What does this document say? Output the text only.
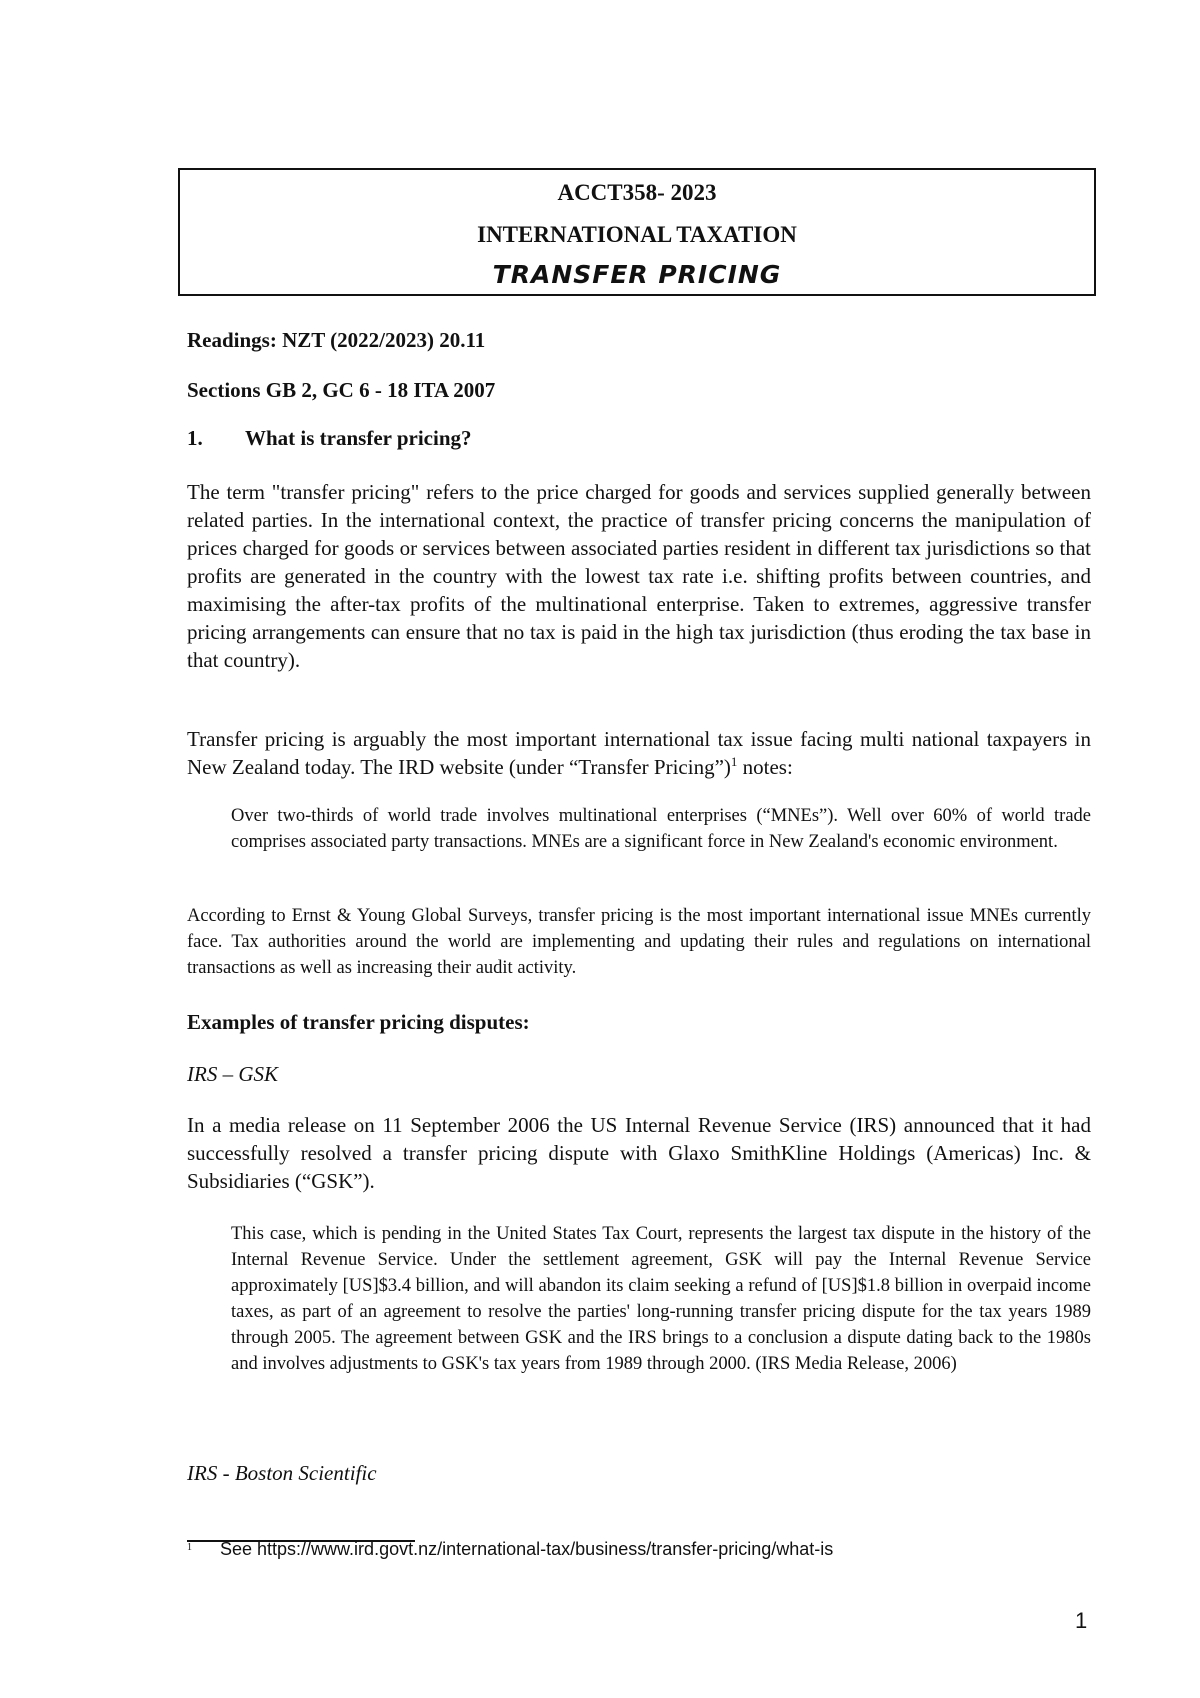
ACCT358- 2023
INTERNATIONAL TAXATION
TRANSFER PRICING
Readings: NZT (2022/2023) 20.11
Sections GB 2, GC 6 - 18 ITA 2007
1. What is transfer pricing?
The term "transfer pricing" refers to the price charged for goods and services supplied generally between related parties. In the international context, the practice of transfer pricing concerns the manipulation of prices charged for goods or services between associated parties resident in different tax jurisdictions so that profits are generated in the country with the lowest tax rate i.e. shifting profits between countries, and maximising the after-tax profits of the multinational enterprise. Taken to extremes, aggressive transfer pricing arrangements can ensure that no tax is paid in the high tax jurisdiction (thus eroding the tax base in that country).
Transfer pricing is arguably the most important international tax issue facing multi national taxpayers in New Zealand today. The IRD website (under “Transfer Pricing”)$^1$ notes:
Over two-thirds of world trade involves multinational enterprises (“MNEs”). Well over 60% of world trade comprises associated party transactions. MNEs are a significant force in New Zealand's economic environment.
According to Ernst & Young Global Surveys, transfer pricing is the most important international issue MNEs currently face. Tax authorities around the world are implementing and updating their rules and regulations on international transactions as well as increasing their audit activity.
Examples of transfer pricing disputes:
IRS – GSK
In a media release on 11 September 2006 the US Internal Revenue Service (IRS) announced that it had successfully resolved a transfer pricing dispute with Glaxo SmithKline Holdings (Americas) Inc. & Subsidiaries (“GSK”).
This case, which is pending in the United States Tax Court, represents the largest tax dispute in the history of the Internal Revenue Service. Under the settlement agreement, GSK will pay the Internal Revenue Service approximately [US]$3.4 billion, and will abandon its claim seeking a refund of [US]$1.8 billion in overpaid income taxes, as part of an agreement to resolve the parties' long-running transfer pricing dispute for the tax years 1989 through 2005. The agreement between GSK and the IRS brings to a conclusion a dispute dating back to the 1980s and involves adjustments to GSK's tax years from 1989 through 2000. (IRS Media Release, 2006)
IRS - Boston Scientific
1 See https://www.ird.govt.nz/international-tax/business/transfer-pricing/what-is
1
